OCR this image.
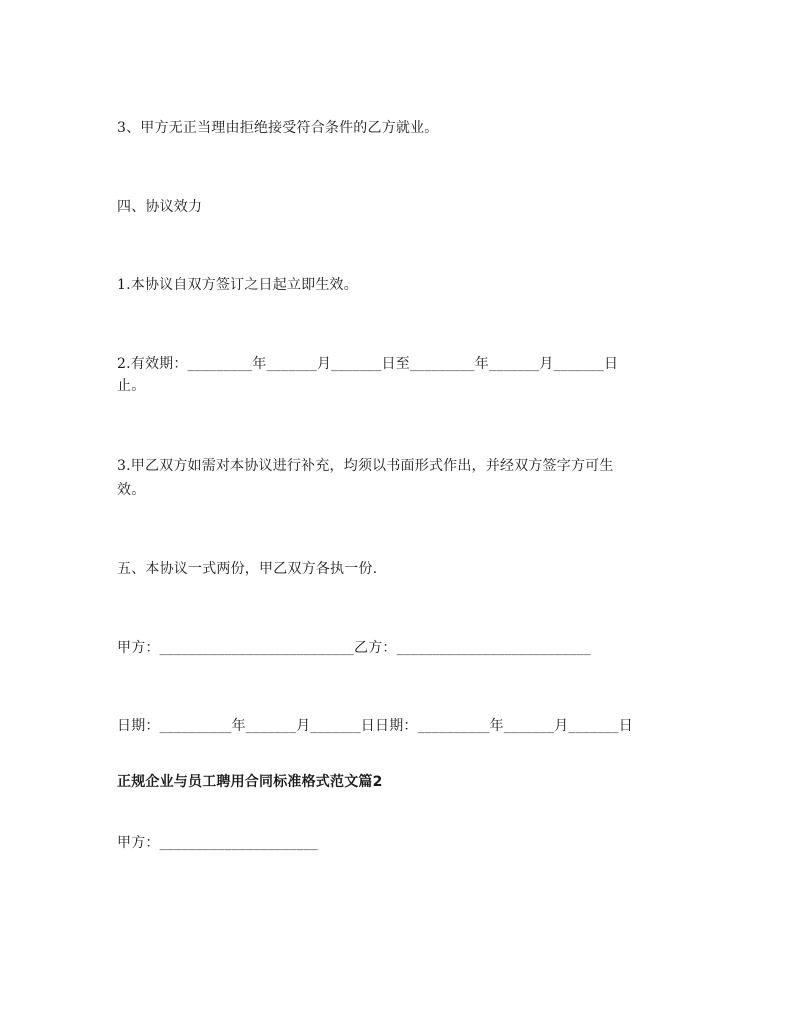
3、甲方无正当理由拒绝接受符合条件的乙方就业。
四、协议效力
1.本协议自双方签订之日起立即生效。
2.有效期：_________年_______月_______日至_________年_______月_______日
止。
3.甲乙双方如需对本协议进行补充，均须以书面形式作出，并经双方签字方可生
效。
五、本协议一式两份，甲乙双方各执一份.
甲方：___________________________乙方：___________________________
日期：__________年_______月_______日日期：__________年_______月_______日
正规企业与员工聘用合同标准格式范文篇2
甲方：______________________
